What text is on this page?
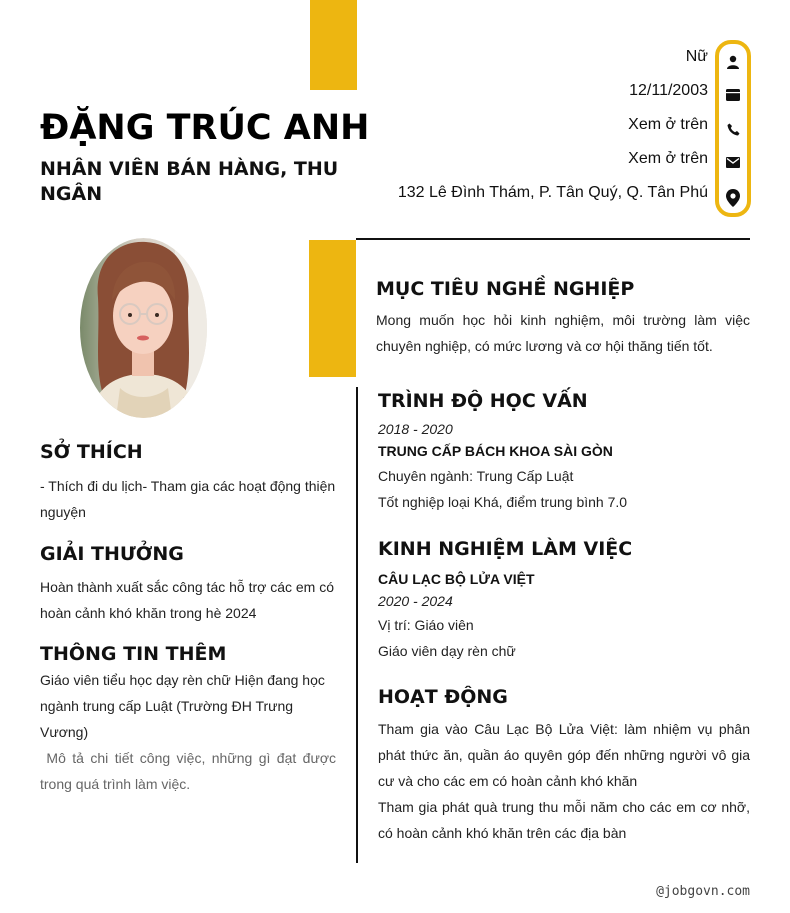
ĐẶNG TRÚC ANH
NHÂN VIÊN BÁN HÀNG, THU NGÂN
Nữ
12/11/2003
Xem ở trên
Xem ở trên
132 Lê Đình Thám, P. Tân Quý, Q. Tân Phú
SỞ THÍCH

- Thích đi du lịch- Tham gia các hoạt động thiện nguyện

GIẢI THƯỞNG

Hoàn thành xuất sắc công tác hỗ trợ các em có hoàn cảnh khó khăn trong hè 2024

THÔNG TIN THÊM

Giáo viên tiểu học dạy rèn chữ Hiện đang học ngành trung cấp Luật (Trường ĐH Trưng Vương)

Mô tả chi tiết công việc, những gì đạt được trong quá trình làm việc.

MỤC TIÊU NGHỀ NGHIỆP

Mong muốn học hỏi kinh nghiệm, môi trường làm việc chuyên nghiệp, có mức lương và cơ hội thăng tiến tốt.

TRÌNH ĐỘ HỌC VẤN

2018 - 2020

TRUNG CẤP BÁCH KHOA SÀI GÒN

Chuyên ngành: Trung Cấp Luật

Tốt nghiệp loại Khá, điểm trung bình 7.0

KINH NGHIỆM LÀM VIỆC

CÂU LẠC BỘ LỬA VIỆT

2020 - 2024

Vị trí: Giáo viên

Giáo viên dạy rèn chữ

HOẠT ĐỘNG

Tham gia vào Câu Lạc Bộ Lửa Việt: làm nhiệm vụ phân phát thức ăn, quần áo quyên góp đến những người vô gia cư và cho các em có hoàn cảnh khó khăn

Tham gia phát quà trung thu mỗi năm cho các em cơ nhỡ, có hoàn cảnh khó khăn trên các địa bàn

@jobgovn.com
